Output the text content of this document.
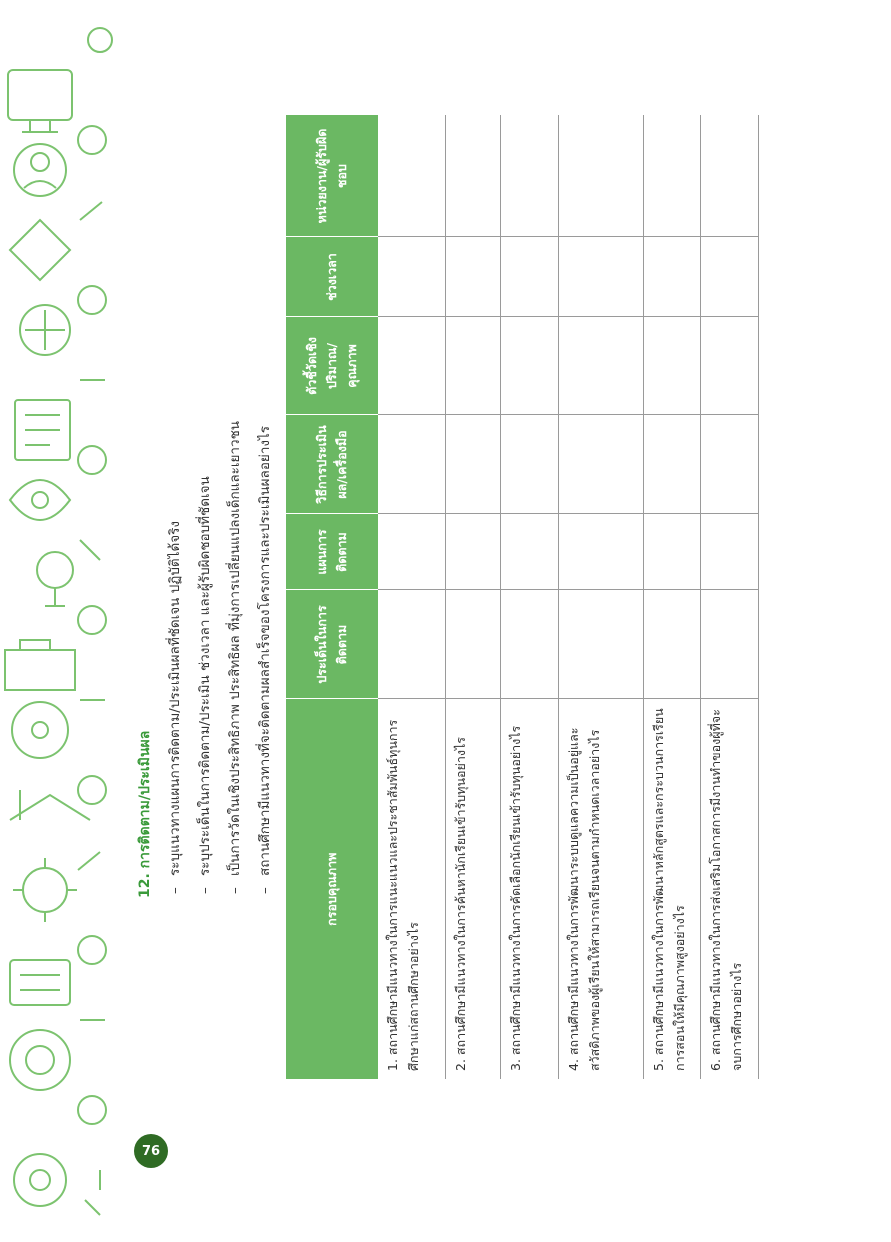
76
12. การติดตาม/ประเมินผล	– ระบุแนวทางแผนการติดตาม/ประเมินผลที่ชัดเจน ปฏิบัติได้จริง	– ระบุประเด็นในการติดตาม/ประเมิน ช่วงเวลา และผู้รับผิดชอบที่ชัดเจน	– เป็นการวัดในเชิงประสิทธิภาพ ประสิทธิผล ที่มุ่งการเปลี่ยนแปลงเด็กและเยาวชน	– สถานศึกษามีแนวทางที่จะติดตามผลสำเร็จของโครงการและประเมินผลอย่างไร
กรอบคุณภาพ	ประเด็นในการติดตาม	แผนการติดตาม	วิธีการประเมินผล/เครื่องมือ	ตัวชี้วัดเชิงปริมาณ/คุณภาพ	ช่วงเวลา	หน่วยงาน/ผู้รับผิดชอบ
1. สถานศึกษามีแนวทางในการแนะแนวและประชาสัมพันธ์ทุนการศึกษาแก่สถานศึกษาอย่างไร						
2. สถานศึกษามีแนวทางในการค้นหานักเรียนเข้ารับทุนอย่างไร						
3. สถานศึกษามีแนวทางในการคัดเลือกนักเรียนเข้ารับทุนอย่างไร						
4. สถานศึกษามีแนวทางในการพัฒนาระบบดูแลความเป็นอยู่และสวัสดิภาพของผู้เรียนให้สามารถเรียนจนตามกำหนดเวลาอย่างไร						
5. สถานศึกษามีแนวทางในการพัฒนาหลักสูตรและกระบวนการเรียนการสอนให้มีคุณภาพสูงอย่างไร						
6. สถานศึกษามีแนวทางในการส่งเสริมโอกาสการมีงานทำของผู้ที่จะจบการศึกษาอย่างไร						
